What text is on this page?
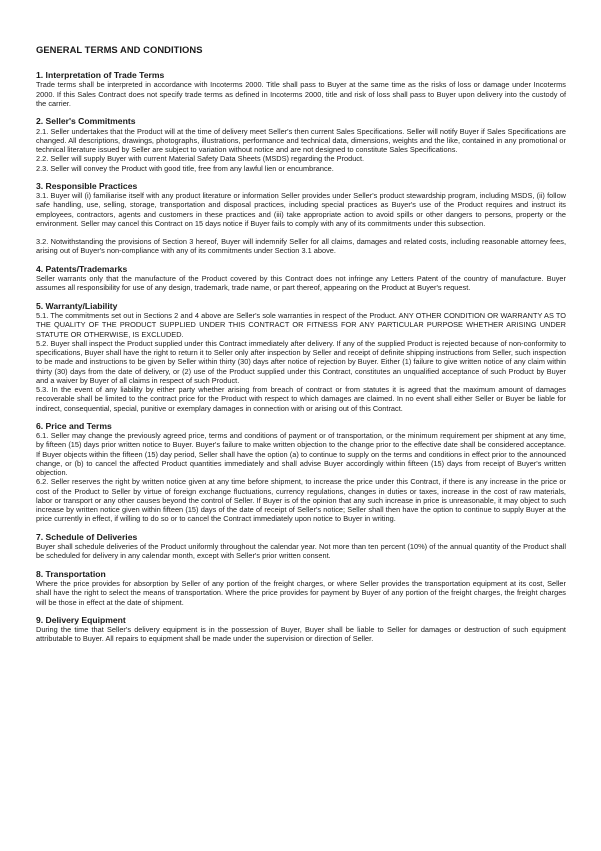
GENERAL TERMS AND CONDITIONS
1. Interpretation of Trade Terms

Trade terms shall be interpreted in accordance with Incoterms 2000. Title shall pass to Buyer at the same time as the risks of loss or damage under Incoterms 2000. If this Sales Contract does not specify trade terms as defined in Incoterms 2000, title and risk of loss shall pass to Buyer upon delivery into the custody of the carrier.

2. Seller's Commitments

2.1. Seller undertakes that the Product will at the time of delivery meet Seller's then current Sales Specifications. Seller will notify Buyer if Sales Specifications are changed. All descriptions, drawings, photographs, illustrations, performance and technical data, dimensions, weights and the like, contained in any promotional or technical literature issued by Seller are subject to variation without notice and are not designed to constitute Sales Specifications.

2.2. Seller will supply Buyer with current Material Safety Data Sheets (MSDS) regarding the Product.

2.3. Seller will convey the Product with good title, free from any lawful lien or encumbrance.

3. Responsible Practices

3.1. Buyer will (i) familiarise itself with any product literature or information Seller provides under Seller's product stewardship program, including MSDS, (ii) follow safe handling, use, selling, storage, transportation and disposal practices, including special practices as Buyer's use of the Product requires and instruct its employees, contractors, agents and customers in these practices and (iii) take appropriate action to avoid spills or other dangers to persons, property or the environment. Seller may cancel this Contract on 15 days notice if Buyer fails to comply with any of its commitments under this subsection.

3.2. Notwithstanding the provisions of Section 3 hereof, Buyer will indemnify Seller for all claims, damages and related costs, including reasonable attorney fees, arising out of Buyer's non-compliance with any of its commitments under Section 3.1 above.

4. Patents/Trademarks

Seller warrants only that the manufacture of the Product covered by this Contract does not infringe any Letters Patent of the country of manufacture. Buyer assumes all responsibility for use of any design, trademark, trade name, or part thereof, appearing on the Product at Buyer's request.

5. Warranty/Liability

5.1. The commitments set out in Sections 2 and 4 above are Seller's sole warranties in respect of the Product. ANY OTHER CONDITION OR WARRANTY AS TO THE QUALITY OF THE PRODUCT SUPPLIED UNDER THIS CONTRACT OR FITNESS FOR ANY PARTICULAR PURPOSE WHETHER ARISING UNDER STATUTE OR OTHERWISE, IS EXCLUDED.

5.2. Buyer shall inspect the Product supplied under this Contract immediately after delivery. If any of the supplied Product is rejected because of non-conformity to specifications, Buyer shall have the right to return it to Seller only after inspection by Seller and receipt of definite shipping instructions from Seller, such inspection to be made and instructions to be given by Seller within thirty (30) days after notice of rejection by Buyer. Either (1) failure to give written notice of any claim within thirty (30) days from the date of delivery, or (2) use of the Product supplied under this Contract, constitutes an unqualified acceptance of such Product by Buyer and a waiver by Buyer of all claims in respect of such Product.

5.3. In the event of any liability by either party whether arising from breach of contract or from statutes it is agreed that the maximum amount of damages recoverable shall be limited to the contract price for the Product with respect to which damages are claimed. In no event shall either Seller or Buyer be liable for indirect, consequential, special, punitive or exemplary damages in connection with or arising out of this Contract.

6. Price and Terms

6.1. Seller may change the previously agreed price, terms and conditions of payment or of transportation, or the minimum requirement per shipment at any time, by fifteen (15) days prior written notice to Buyer. Buyer's failure to make written objection to the change prior to the effective date shall be considered acceptance. If Buyer objects within the fifteen (15) day period, Seller shall have the option (a) to continue to supply on the terms and conditions in effect prior to the announced change, or (b) to cancel the affected Product quantities immediately and shall advise Buyer accordingly within fifteen (15) days from receipt of Buyer's written objection.

6.2. Seller reserves the right by written notice given at any time before shipment, to increase the price under this Contract, if there is any increase in the price or cost of the Product to Seller by virtue of foreign exchange fluctuations, currency regulations, changes in duties or taxes, increase in the cost of raw materials, labor or transport or any other causes beyond the control of Seller. If Buyer is of the opinion that any such increase in price is unreasonable, it may object to such increase by written notice given within fifteen (15) days of the date of receipt of Seller's notice; Seller shall then have the option to continue to supply Buyer at the price currently in effect, if willing to do so or to cancel the Contract immediately upon notice to Buyer in writing.

7. Schedule of Deliveries

Buyer shall schedule deliveries of the Product uniformly throughout the calendar year. Not more than ten percent (10%) of the annual quantity of the Product shall be scheduled for delivery in any calendar month, except with Seller's prior written consent.

8. Transportation

Where the price provides for absorption by Seller of any portion of the freight charges, or where Seller provides the transportation equipment at its cost, Seller shall have the right to select the means of transportation. Where the price provides for payment by Buyer of any portion of the freight charges, the freight charges will be those in effect at the date of shipment.

9. Delivery Equipment

During the time that Seller's delivery equipment is in the possession of Buyer, Buyer shall be liable to Seller for damages or destruction of such equipment attributable to Buyer. All repairs to equipment shall be made under the supervision or direction of Seller.
